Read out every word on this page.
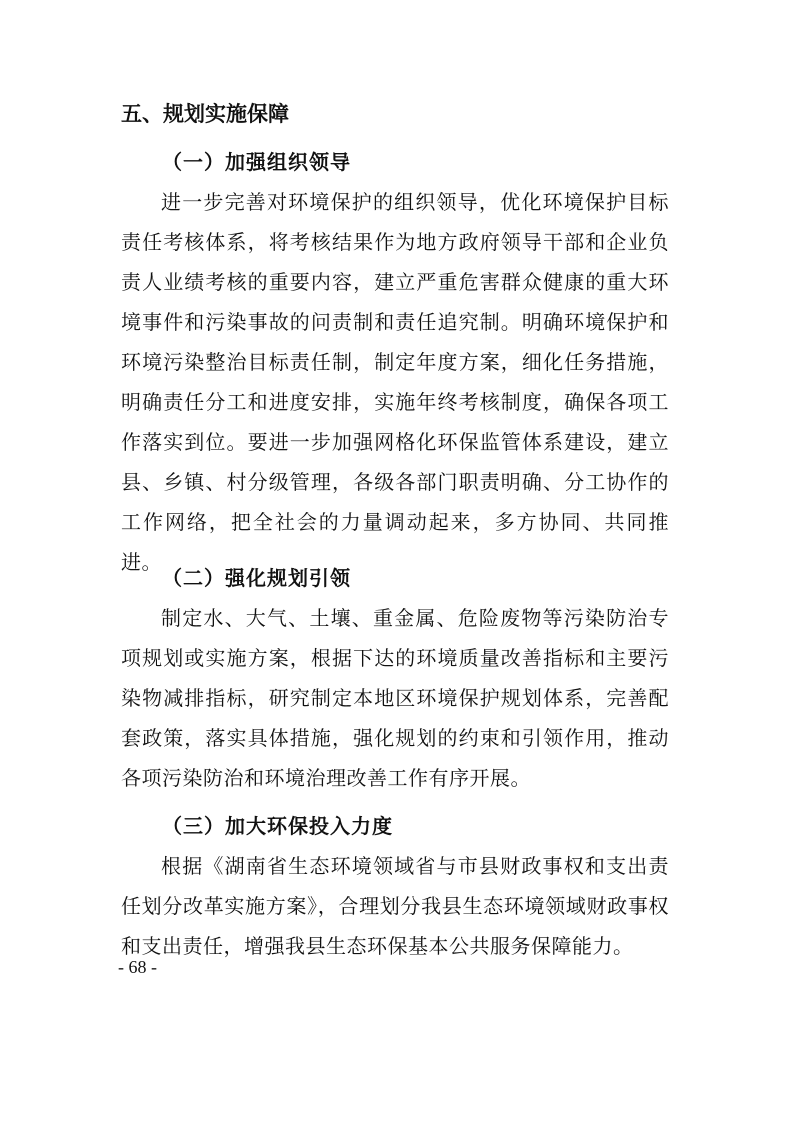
五、规划实施保障
（一）加强组织领导

进一步完善对环境保护的组织领导，优化环境保护目标责任考核体系，将考核结果作为地方政府领导干部和企业负责人业绩考核的重要内容，建立严重危害群众健康的重大环境事件和污染事故的问责制和责任追究制。明确环境保护和环境污染整治目标责任制，制定年度方案，细化任务措施，明确责任分工和进度安排，实施年终考核制度，确保各项工作落实到位。要进一步加强网格化环保监管体系建设，建立县、乡镇、村分级管理，各级各部门职责明确、分工协作的工作网络，把全社会的力量调动起来，多方协同、共同推进。

（二）强化规划引领

制定水、大气、土壤、重金属、危险废物等污染防治专项规划或实施方案，根据下达的环境质量改善指标和主要污染物减排指标，研究制定本地区环境保护规划体系，完善配套政策，落实具体措施，强化规划的约束和引领作用，推动各项污染防治和环境治理改善工作有序开展。

（三）加大环保投入力度

根据《湖南省生态环境领域省与市县财政事权和支出责任划分改革实施方案》，合理划分我县生态环境领域财政事权和支出责任，增强我县生态环保基本公共服务保障能力。

- 68 -
